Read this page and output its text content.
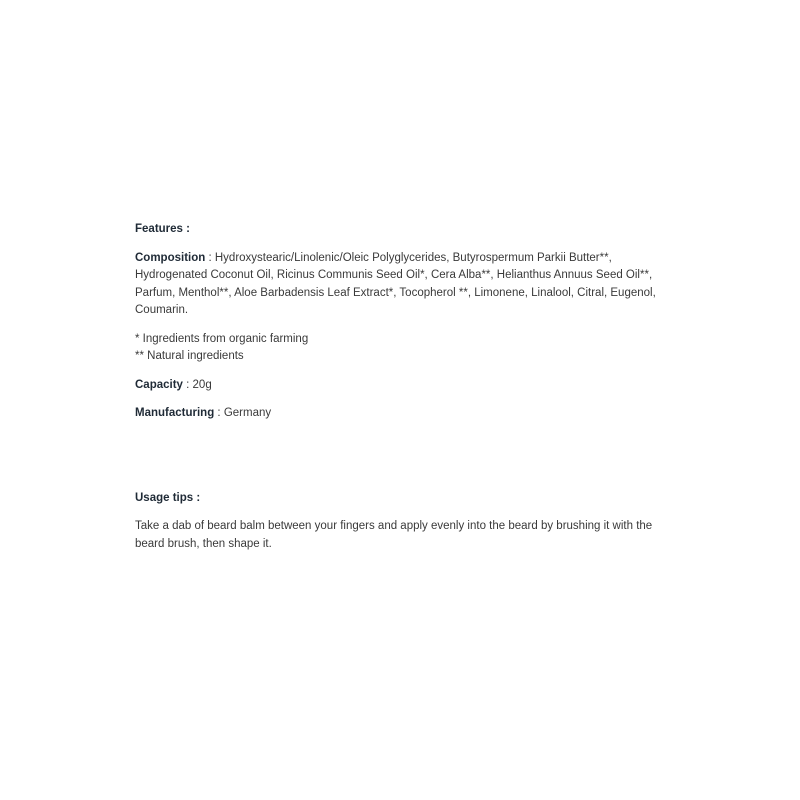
Features :

Composition : Hydroxystearic/Linolenic/Oleic Polyglycerides, Butyrospermum Parkii Butter**, Hydrogenated Coconut Oil, Ricinus Communis Seed Oil*, Cera Alba**, Helianthus Annuus Seed Oil**, Parfum, Menthol**, Aloe Barbadensis Leaf Extract*, Tocopherol **, Limonene, Linalool, Citral, Eugenol, Coumarin.

* Ingredients from organic farming
** Natural ingredients

Capacity : 20g

Manufacturing : Germany

Usage tips :

Take a dab of beard balm between your fingers and apply evenly into the beard by brushing it with the beard brush, then shape it.
